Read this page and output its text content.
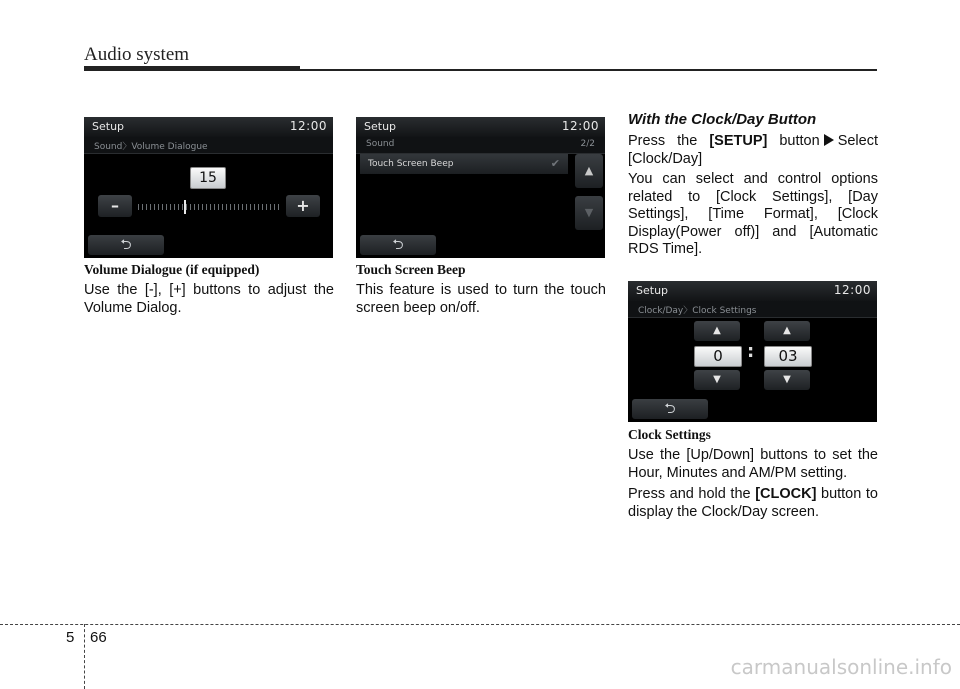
Audio system
Setup	12:00
Sound〉Volume Dialogue
15
–	+
⮌
Volume Dialogue (if equipped)
Use the [-], [+] buttons to adjust the Volume Dialog.
Setup	12:00
Sound	2/2
Touch Screen Beep	✔
▲
▼
⮌
Touch Screen Beep
This feature is used to turn the touch screen beep on/off.
With the Clock/Day Button
Press the [SETUP] button Select [Clock/Day]
You can select and control options related to [Clock Settings], [Day Settings], [Time Format], [Clock Display(Power off)] and [Automatic RDS Time].
Setup	12:00
Clock/Day〉Clock Settings
▲	▲
0	:	03
▼	▼
⮌
Clock Settings
Use the [Up/Down] buttons to set the Hour, Minutes and AM/PM setting.
Press and hold the [CLOCK] button to display the Clock/Day screen.
5 66
carmanualsonline.info
